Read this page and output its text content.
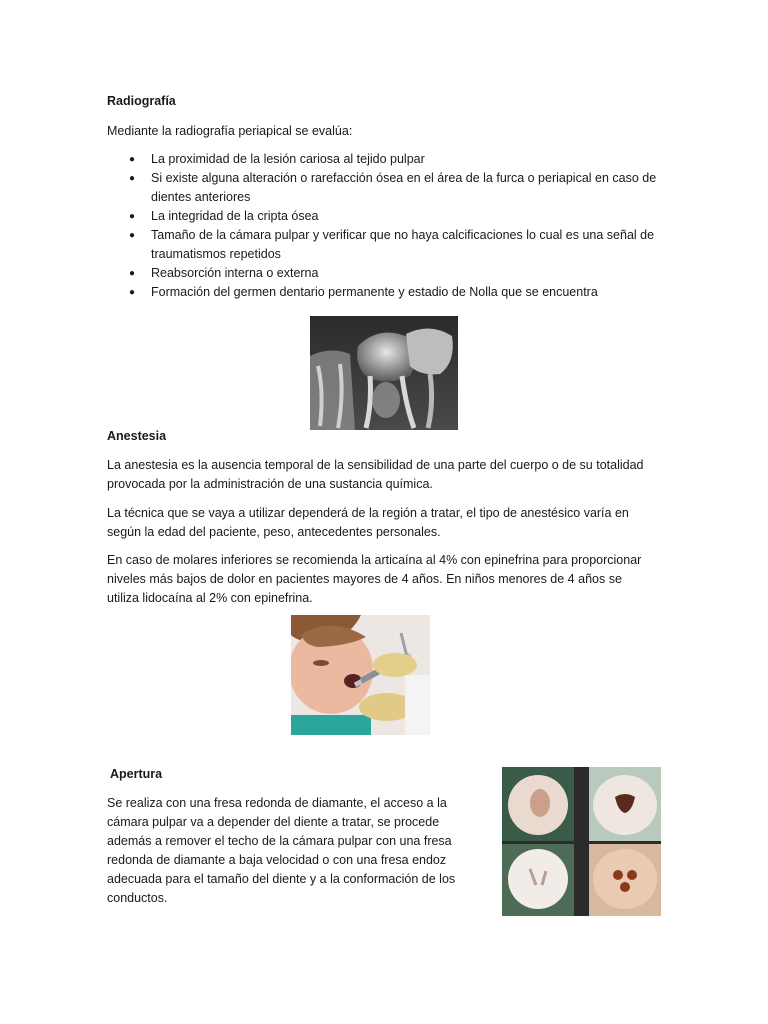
Radiografía

Mediante la radiografía periapical se evalúa:

● La proximidad de la lesión cariosa al tejido pulpar
● Si existe alguna alteración o rarefacción ósea en el área de la furca o periapical en caso de dientes anteriores
● La integridad de la cripta ósea
● Tamaño de la cámara pulpar y verificar que no haya calcificaciones lo cual es una señal de traumatismos repetidos
● Reabsorción interna o externa
● Formación del germen dentario permanente y estadio de Nolla que se encuentra
Anestesia

La anestesia es la ausencia temporal de la sensibilidad de una parte del cuerpo o de su totalidad provocada por la administración de una sustancia química.

La técnica que se vaya a utilizar dependerá de la región a tratar, el tipo de anestésico varía en según la edad del paciente, peso, antecedentes personales.

En caso de molares inferiores se recomienda la articaína al 4% con epinefrina para proporcionar niveles más bajos de dolor en pacientes mayores de 4 años. En niños menores de 4 años se utiliza lidocaína al 2% con epinefrina.

Apertura

Se realiza con una fresa redonda de diamante, el acceso a la cámara pulpar va a depender del diente a tratar, se procede además a remover el techo de la cámara pulpar con una fresa redonda de diamante a baja velocidad o con una fresa endoz adecuada para el tamaño del diente y a la conformación de los conductos.
